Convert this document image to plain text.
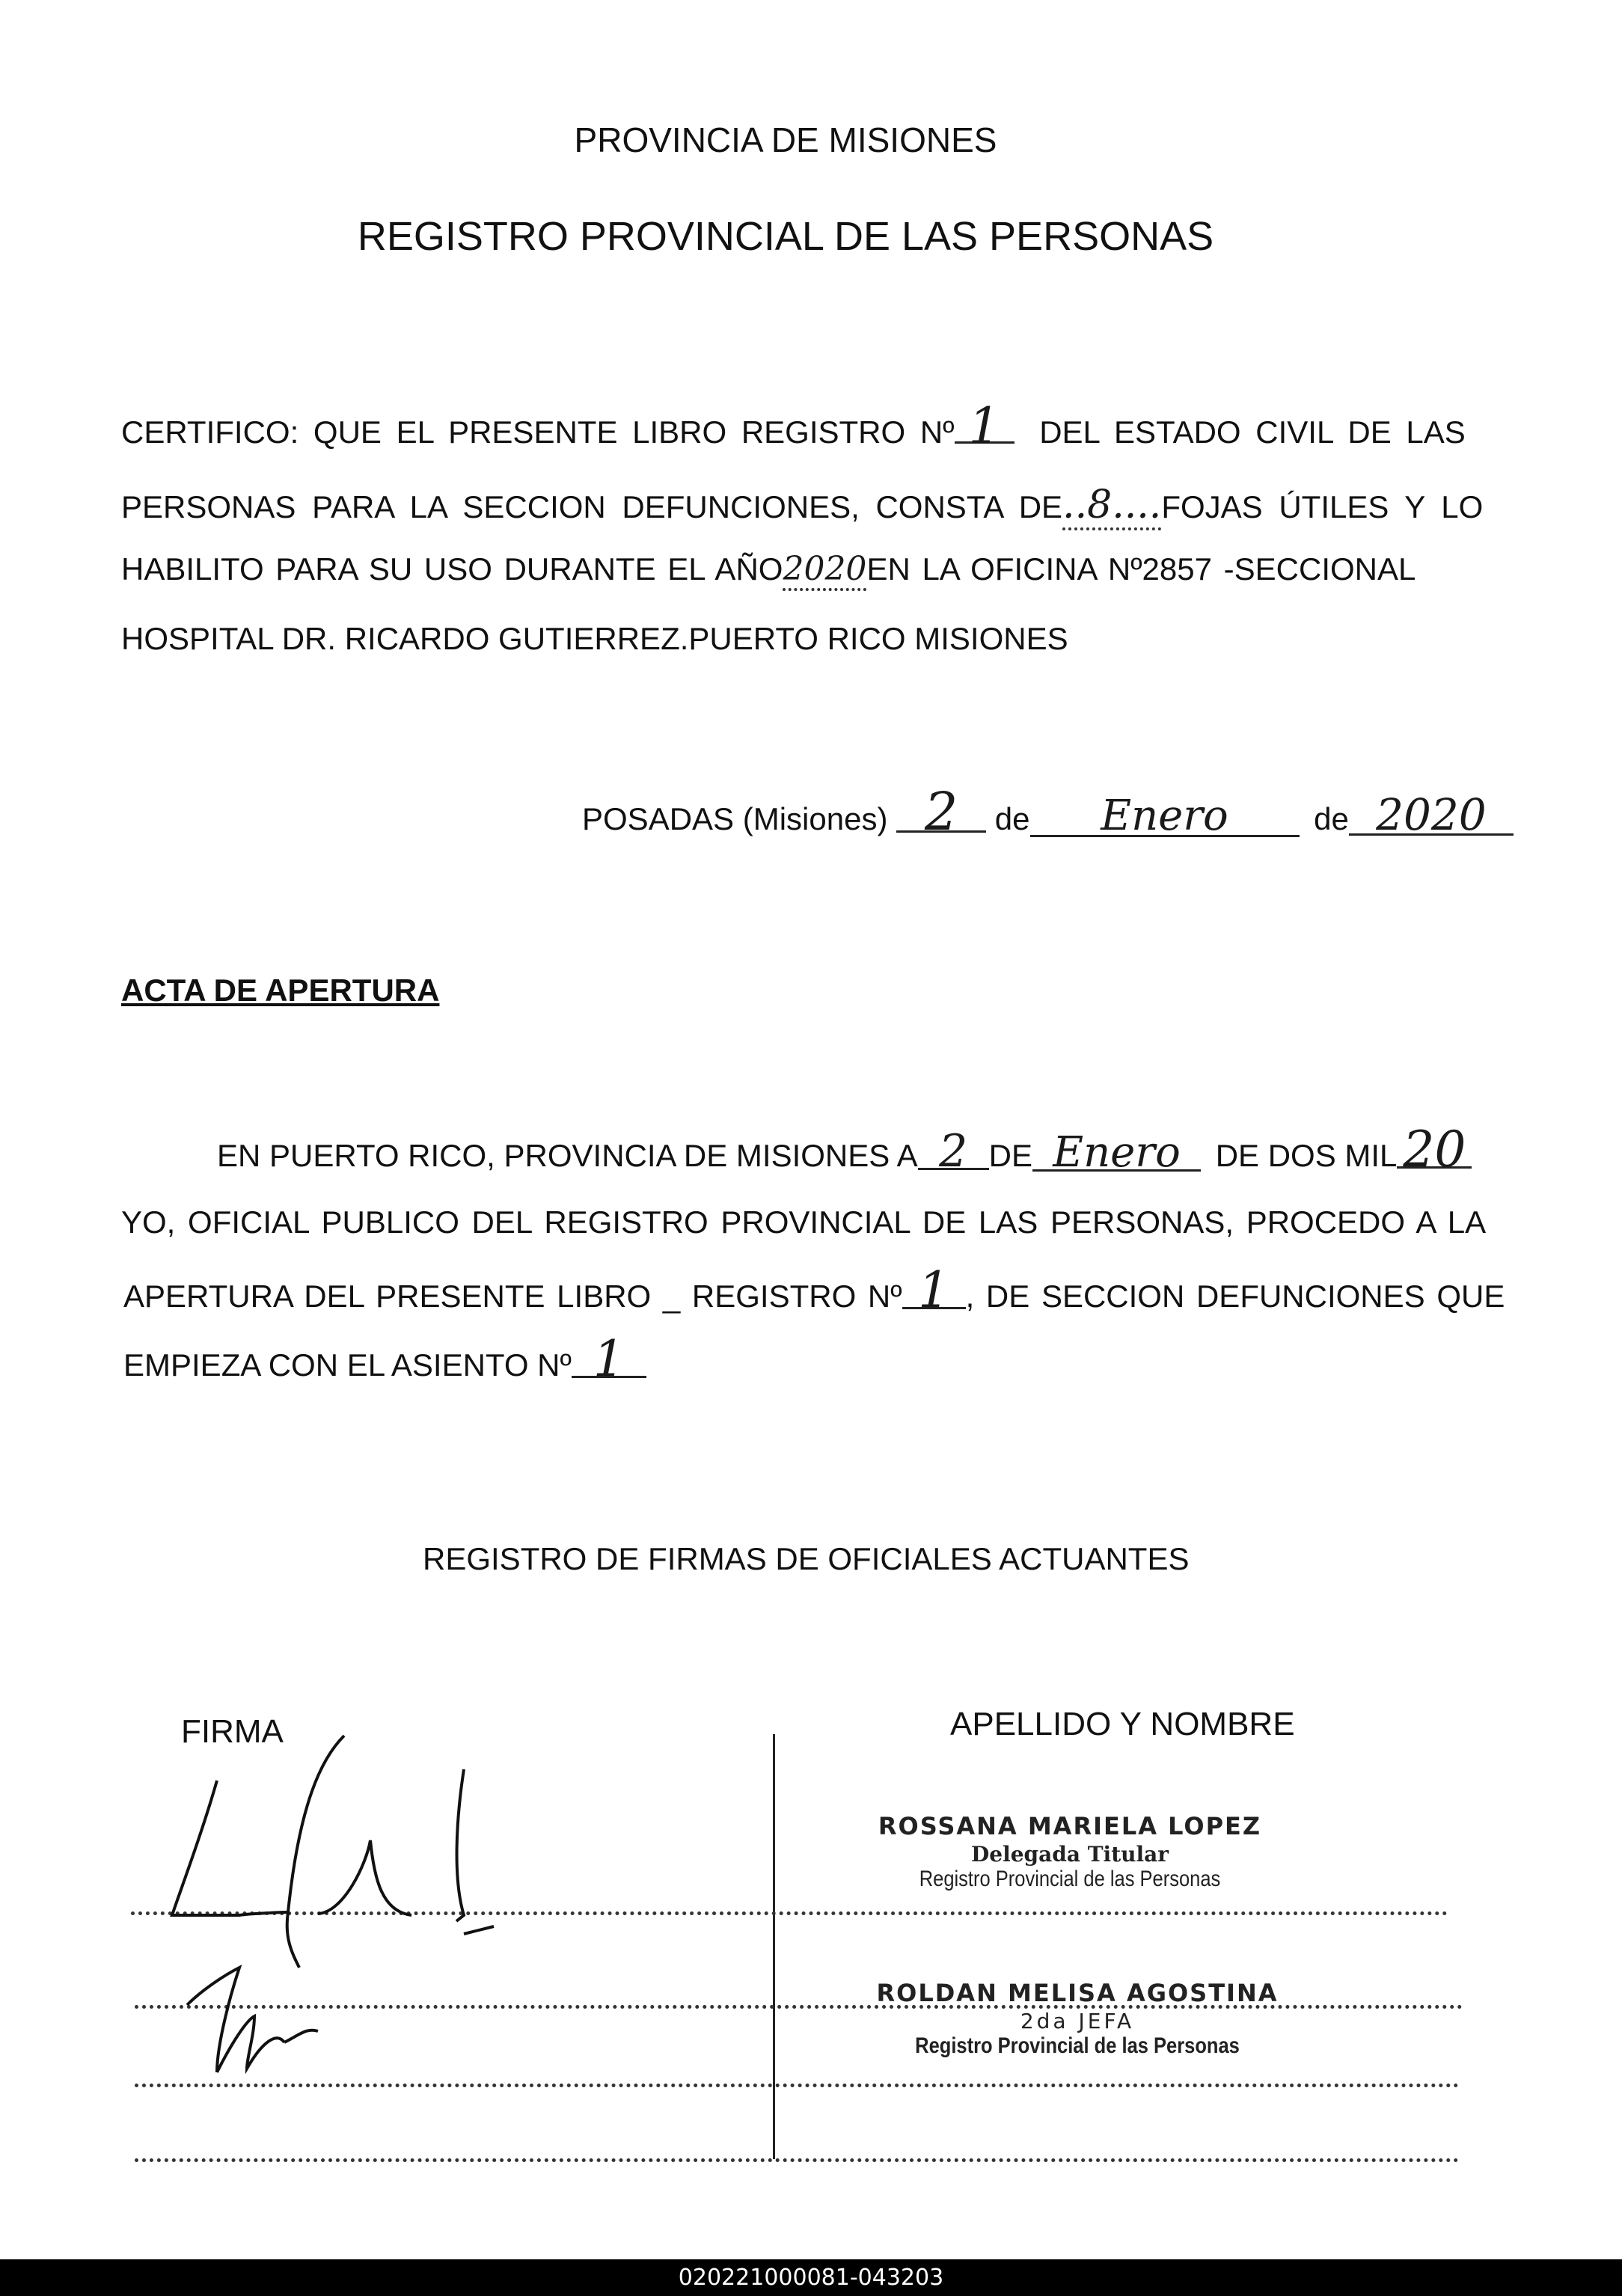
PROVINCIA DE MISIONES
REGISTRO PROVINCIAL DE LAS PERSONAS
CERTIFICO: QUE EL PRESENTE LIBRO REGISTRO Nº 1 DEL ESTADO CIVIL DE LAS
PERSONAS PARA LA SECCION DEFUNCIONES, CONSTA DE..8....FOJAS ÚTILES Y LO
HABILITO PARA SU USO DURANTE EL AÑO2020EN LA OFICINA Nº2857 -SECCIONAL
HOSPITAL DR. RICARDO GUTIERREZ.PUERTO RICO MISIONES
POSADAS (Misiones) 2 de Enero	de 2020
ACTA DE APERTURA
EN PUERTO RICO, PROVINCIA DE MISIONES A 2 DE Enero DE DOS MIL 20
YO, OFICIAL PUBLICO DEL REGISTRO PROVINCIAL DE LAS PERSONAS, PROCEDO A LA
APERTURA DEL PRESENTE LIBRO _ REGISTRO Nº 1 , DE SECCION DEFUNCIONES QUE
EMPIEZA CON EL ASIENTO Nº 1
REGISTRO DE FIRMAS DE OFICIALES ACTUANTES
FIRMA	APELLIDO Y NOMBRE
ROSSANA MARIELA LOPEZ
Delegada Titular
Registro Provincial de las Personas
ROLDAN MELISA AGOSTINA
2da JEFA
Registro Provincial de las Personas
020221000081-043203
